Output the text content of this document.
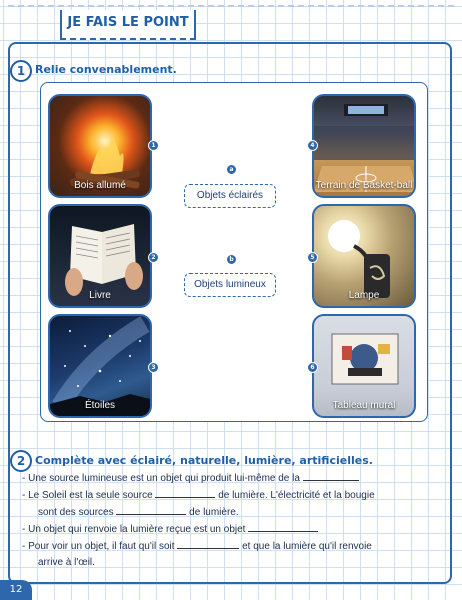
JE FAIS LE POINT
1 Relie convenablement.
Bois allumé
1
Livre
2
Étoiles
3
Terrain de Basket-ball
4
Lampe
5
Tableau mural
6
a
Objets éclairés
b
Objets lumineux
2 Complète avec éclairé, naturelle, lumière, artificielles.
- Une source lumineuse est un objet qui produit lui-même de la
- Le Soleil est la seule source	de lumière. L'électricité et la bougie
sont des sources	de lumière.
- Un objet qui renvoie la lumière reçue est un objet
- Pour voir un objet, il faut qu'il soit	et que la lumière qu'il renvoie
arrive à l'œil.
12
